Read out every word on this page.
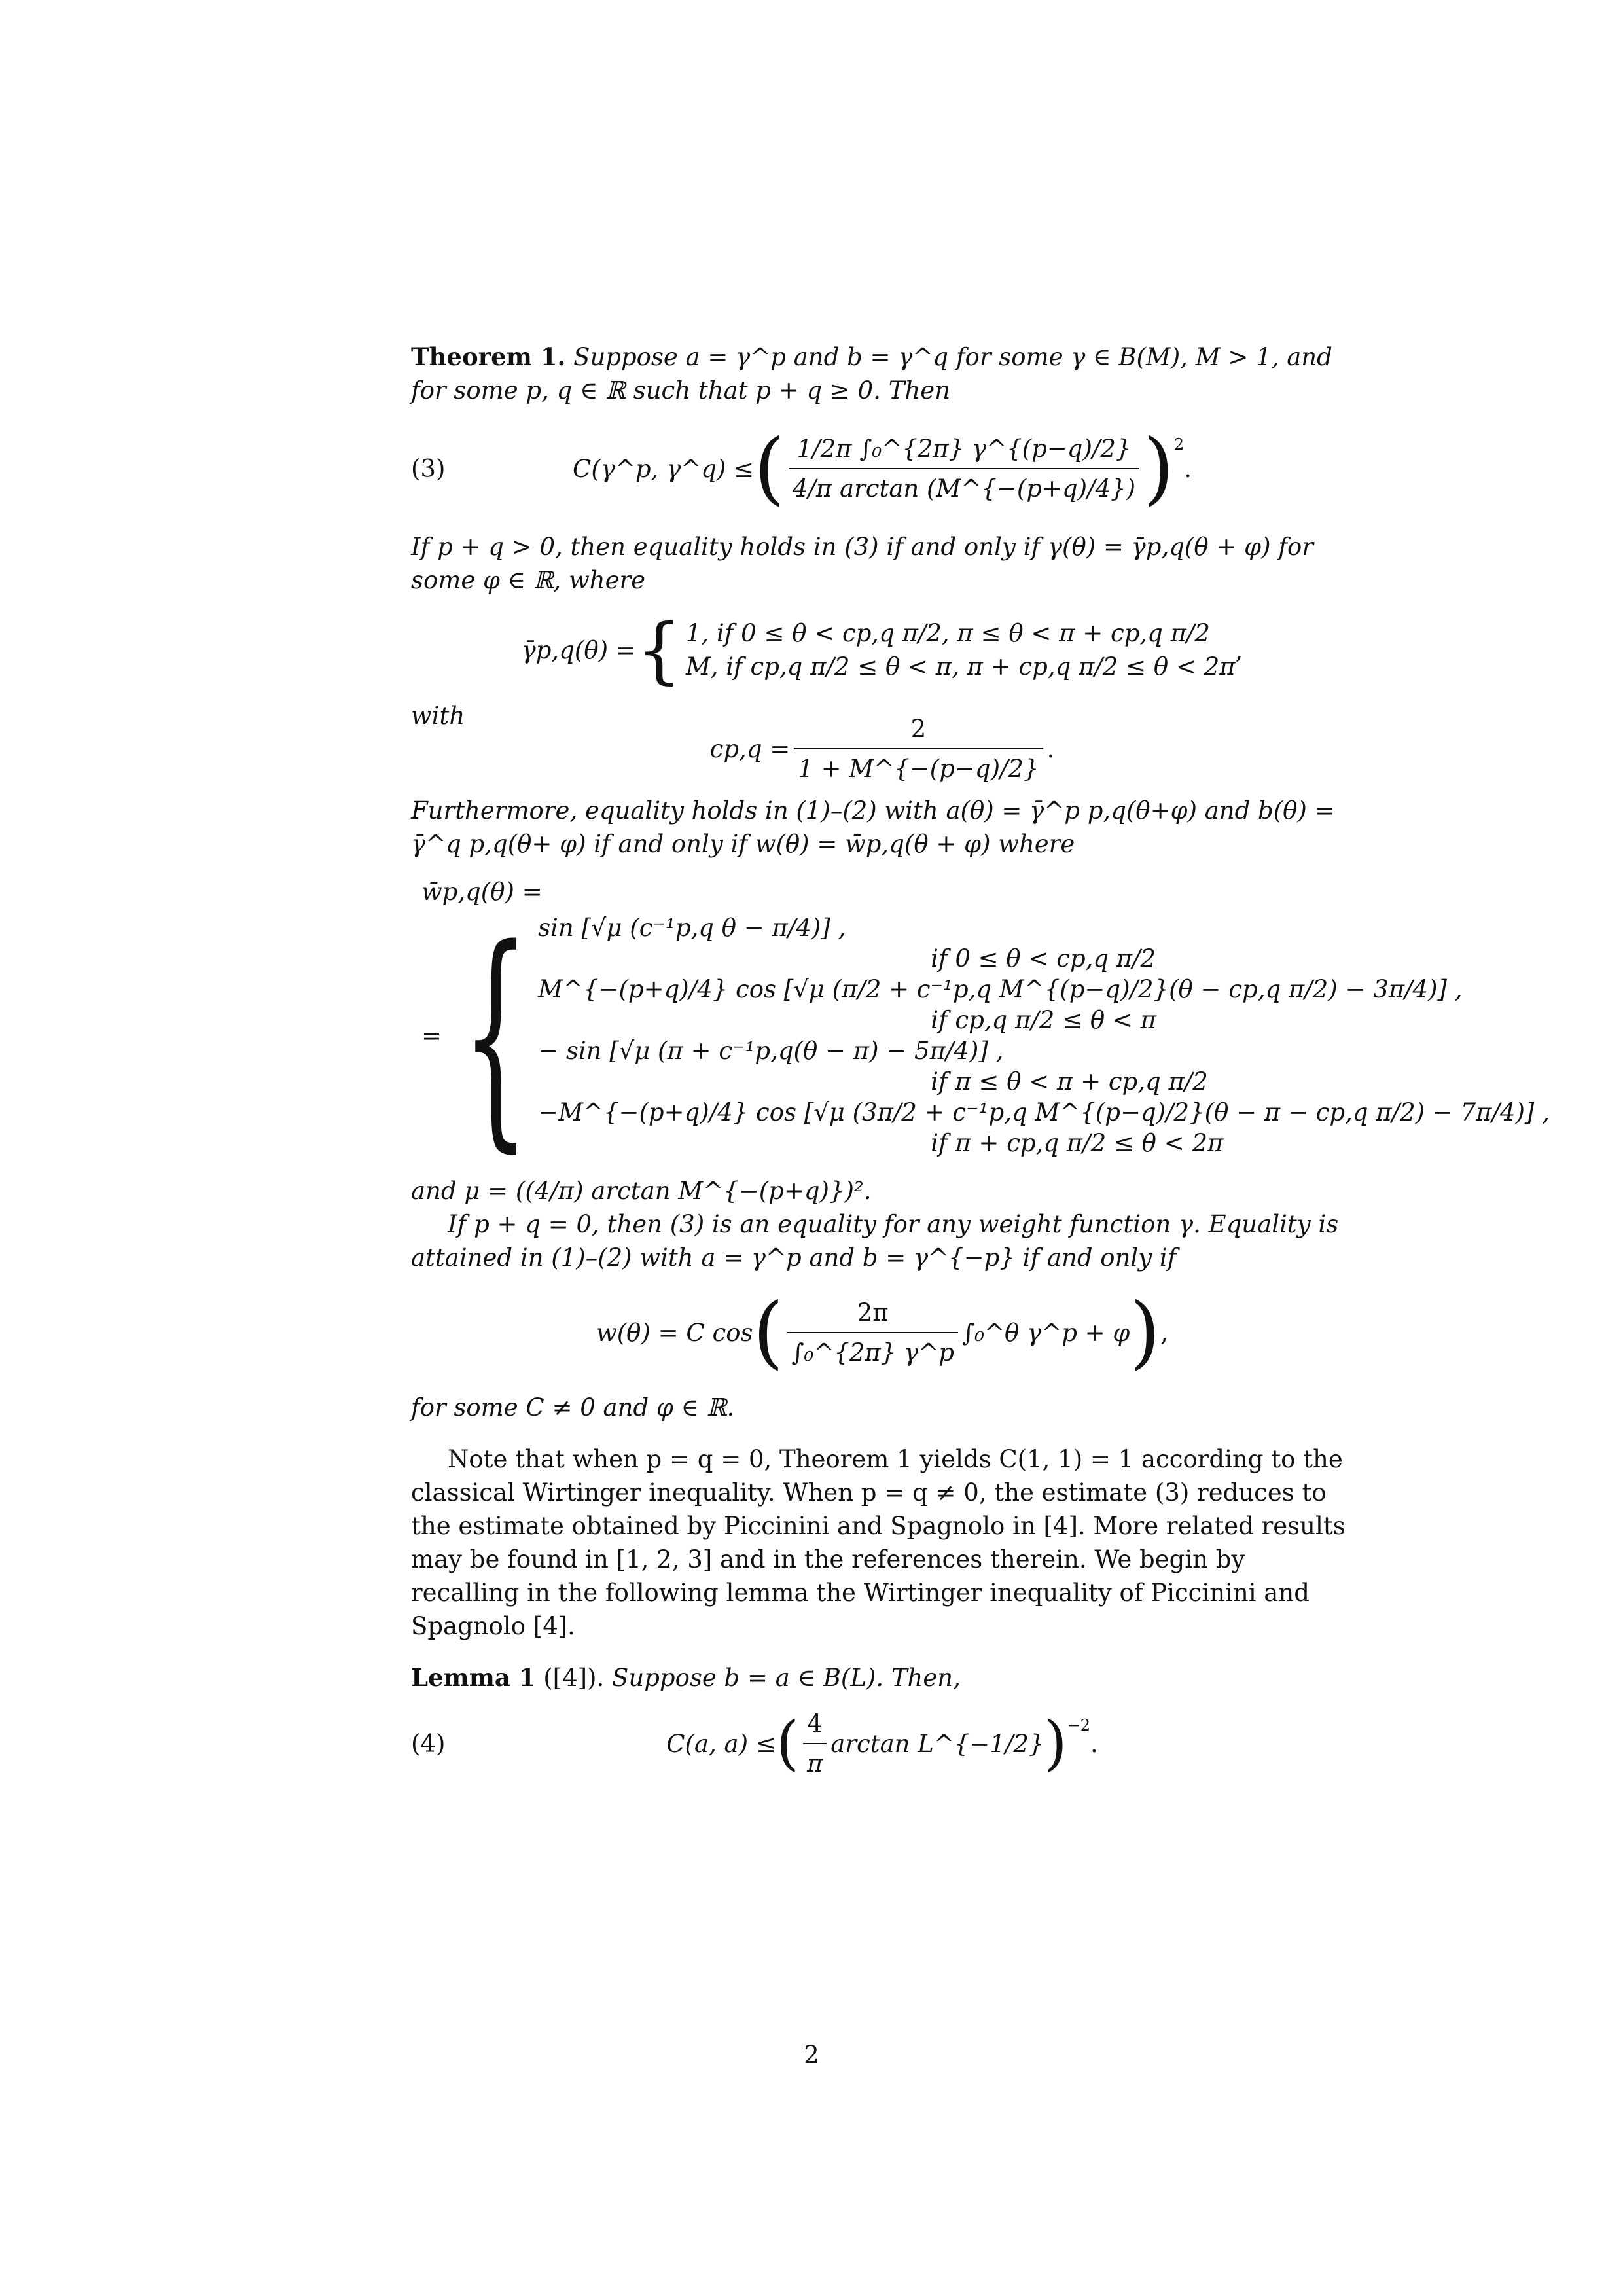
Theorem 1. Suppose a = γ^p and b = γ^q for some γ ∈ B(M), M > 1, and for some p, q ∈ ℝ such that p + q ≥ 0. Then

(3)	C(γ^p, γ^q) ≤ ( $\frac{\text{1/2π ∫₀\textasciicircum{}\{2π\} γ\textasciicircum{}\{(p−q)/2\}}}{\text{4/π arctan (M\textasciicircum{}\{−(p+q)/4\})}} )^2$
.

If p + q > 0, then equality holds in (3) if and only if γ(θ) = γ̄p,q(θ + φ) for some φ ∈ ℝ, where

γ̄p,q(θ) = { 1, if 0 ≤ θ < cp,q π/2, π ≤ θ < π + cp,q π/2
M, if cp,q π/2 ≤ θ < π, π + cp,q π/2 ≤ θ < 2π
,

with

$cp,q = \frac{2}{1 + M\^{}\{-(p-q)/2\}}$ .

Furthermore, equality holds in (1)–(2) with a(θ) = γ̄^p p,q(θ+φ) and b(θ) = γ̄^q p,q(θ+ φ) if and only if w(θ) = w̄p,q(θ + φ) where

w̄p,q(θ) =
= { sin [√μ (c⁻¹p,q θ − π/4)] ,
if 0 ≤ θ < cp,q π/2
M^{−(p+q)/4} cos [√μ (π/2 + c⁻¹p,q M^{(p−q)/2}(θ − cp,q π/2) − 3π/4)] ,
if cp,q π/2 ≤ θ < π
− sin [√μ (π + c⁻¹p,q(θ − π) − 5π/4)] ,
if π ≤ θ < π + cp,q π/2
−M^{−(p+q)/4} cos [√μ (3π/2 + c⁻¹p,q M^{(p−q)/2}(θ − π − cp,q π/2) − 7π/4)] ,
if π + cp,q π/2 ≤ θ < 2π

and μ = ((4/π) arctan M^{−(p+q)})².

If p + q = 0, then (3) is an equality for any weight function γ. Equality is attained in (1)–(2) with a = γ^p and b = γ^{−p} if and only if

w(θ) = C cos ( $\frac{2\pi}{\text{∫₀\textasciicircum{}\{2π\} γ\textasciicircum{}p}}$ ∫₀^θ γ^p + φ ) ,

for some C ≠ 0 and φ ∈ ℝ.

Note that when p = q = 0, Theorem 1 yields C(1, 1) = 1 according to the classical Wirtinger inequality. When p = q ≠ 0, the estimate (3) reduces to the estimate obtained by Piccinini and Spagnolo in [4]. More related results may be found in [1, 2, 3] and in the references therein. We begin by recalling in the following lemma the Wirtinger inequality of Piccinini and Spagnolo [4].

Lemma 1 ([4]). Suppose b = a ∈ B(L). Then,

(4)	C(a, a) ≤ ( $\frac{4}{\pi}$ arctan L^{−1/2} )$^{-2}$
.
2
